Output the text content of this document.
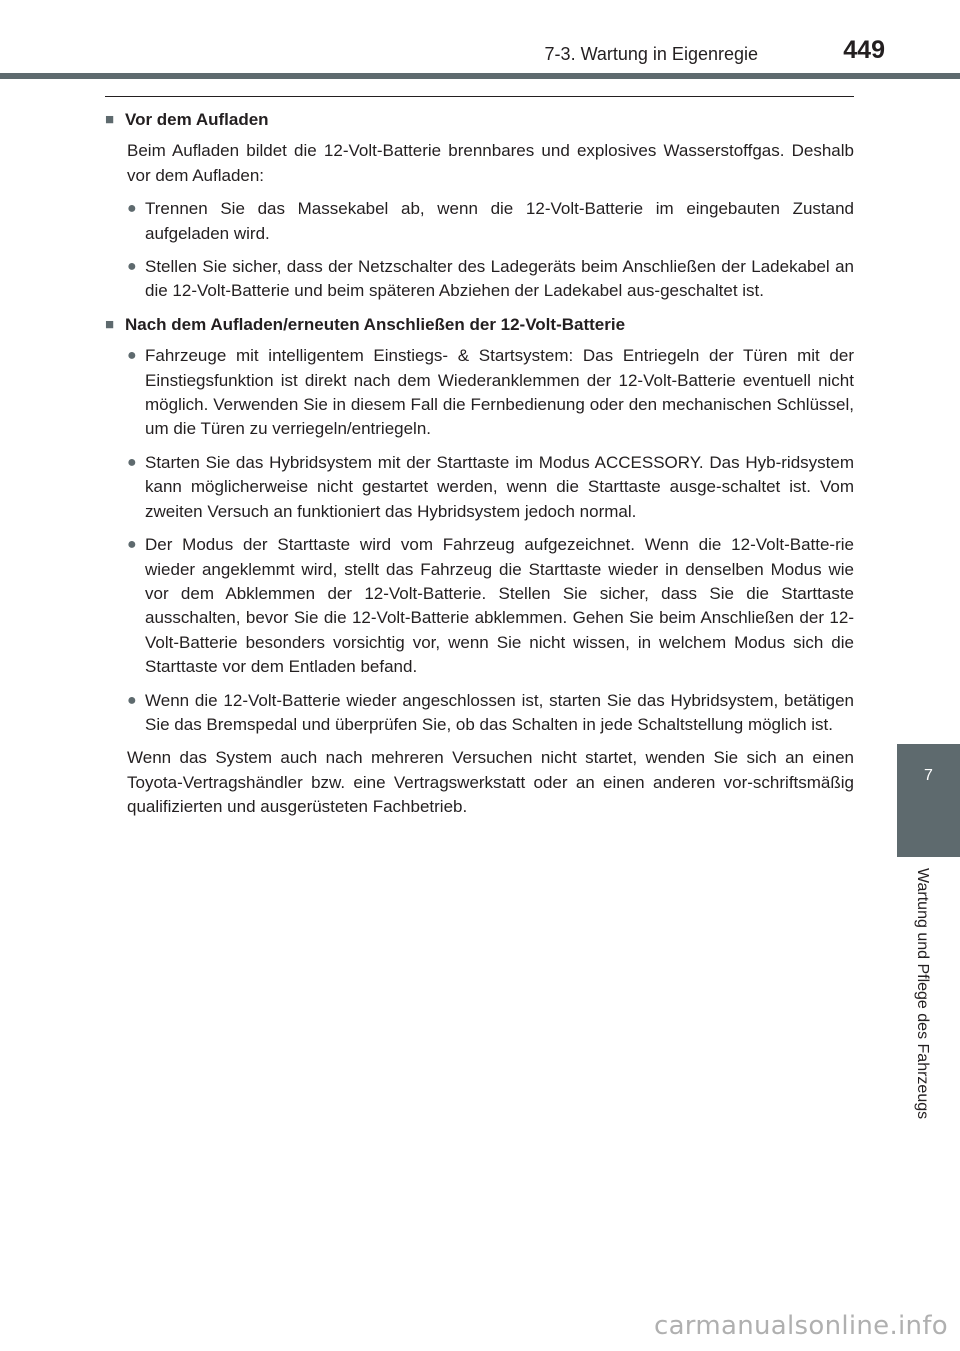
7-3. Wartung in Eigenregie	449

■ Vor dem Aufladen

Beim Aufladen bildet die 12-Volt-Batterie brennbares und explosives Wasserstoffgas. Deshalb vor dem Aufladen:

● Trennen Sie das Massekabel ab, wenn die 12-Volt-Batterie im eingebauten Zustand aufgeladen wird.

● Stellen Sie sicher, dass der Netzschalter des Ladegeräts beim Anschließen der Ladekabel an die 12-Volt-Batterie und beim späteren Abziehen der Ladekabel aus-geschaltet ist.

■ Nach dem Aufladen/erneuten Anschließen der 12-Volt-Batterie

● Fahrzeuge mit intelligentem Einstiegs- & Startsystem: Das Entriegeln der Türen mit der Einstiegsfunktion ist direkt nach dem Wiederanklemmen der 12-Volt-Batterie eventuell nicht möglich. Verwenden Sie in diesem Fall die Fernbedienung oder den mechanischen Schlüssel, um die Türen zu verriegeln/entriegeln.

● Starten Sie das Hybridsystem mit der Starttaste im Modus ACCESSORY. Das Hyb-ridsystem kann möglicherweise nicht gestartet werden, wenn die Starttaste ausge-schaltet ist. Vom zweiten Versuch an funktioniert das Hybridsystem jedoch normal.

● Der Modus der Starttaste wird vom Fahrzeug aufgezeichnet. Wenn die 12-Volt-Batte-rie wieder angeklemmt wird, stellt das Fahrzeug die Starttaste wieder in denselben Modus wie vor dem Abklemmen der 12-Volt-Batterie. Stellen Sie sicher, dass Sie die Starttaste ausschalten, bevor Sie die 12-Volt-Batterie abklemmen. Gehen Sie beim Anschließen der 12-Volt-Batterie besonders vorsichtig vor, wenn Sie nicht wissen, in welchem Modus sich die Starttaste vor dem Entladen befand.

● Wenn die 12-Volt-Batterie wieder angeschlossen ist, starten Sie das Hybridsystem, betätigen Sie das Bremspedal und überprüfen Sie, ob das Schalten in jede Schaltstellung möglich ist.

Wenn das System auch nach mehreren Versuchen nicht startet, wenden Sie sich an einen Toyota-Vertragshändler bzw. eine Vertragswerkstatt oder an einen anderen vor-schriftsmäßig qualifizierten und ausgerüsteten Fachbetrieb.

7
Wartung und Pflege des Fahrzeugs
carmanualsonline.info
